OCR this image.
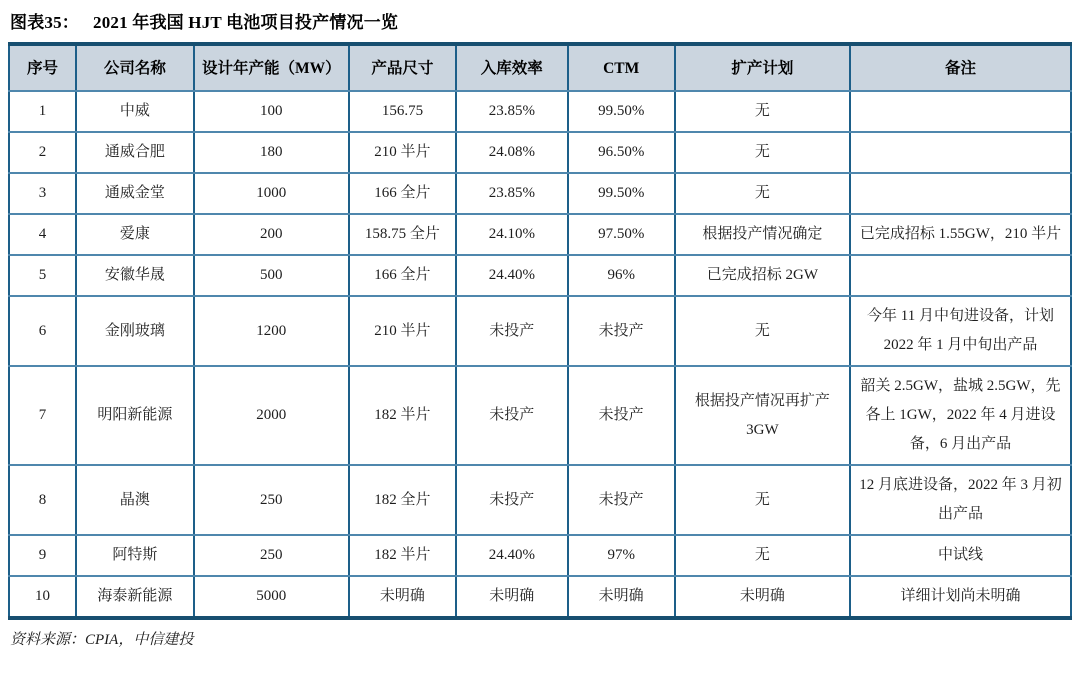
图表35： 2021 年我国 HJT 电池项目投产情况一览
序号	公司名称	设计年产能（MW）	产品尺寸	入库效率	CTM	扩产计划	备注
1	中威	100	156.75	23.85%	99.50%	无	
2	通威合肥	180	210 半片	24.08%	96.50%	无	
3	通威金堂	1000	166 全片	23.85%	99.50%	无	
4	爱康	200	158.75 全片	24.10%	97.50%	根据投产情况确定	已完成招标 1.55GW，210 半片
5	安徽华晟	500	166 全片	24.40%	96%	已完成招标 2GW	
6	金刚玻璃	1200	210 半片	未投产	未投产	无	今年 11 月中旬进设备，计划 2022 年 1 月中旬出产品
7	明阳新能源	2000	182 半片	未投产	未投产	根据投产情况再扩产 3GW	韶关 2.5GW，盐城 2.5GW，先各上 1GW，2022 年 4 月进设备，6 月出产品
8	晶澳	250	182 全片	未投产	未投产	无	12 月底进设备，2022 年 3 月初出产品
9	阿特斯	250	182 半片	24.40%	97%	无	中试线
10	海泰新能源	5000	未明确	未明确	未明确	未明确	详细计划尚未明确
资料来源：CPIA，中信建投
